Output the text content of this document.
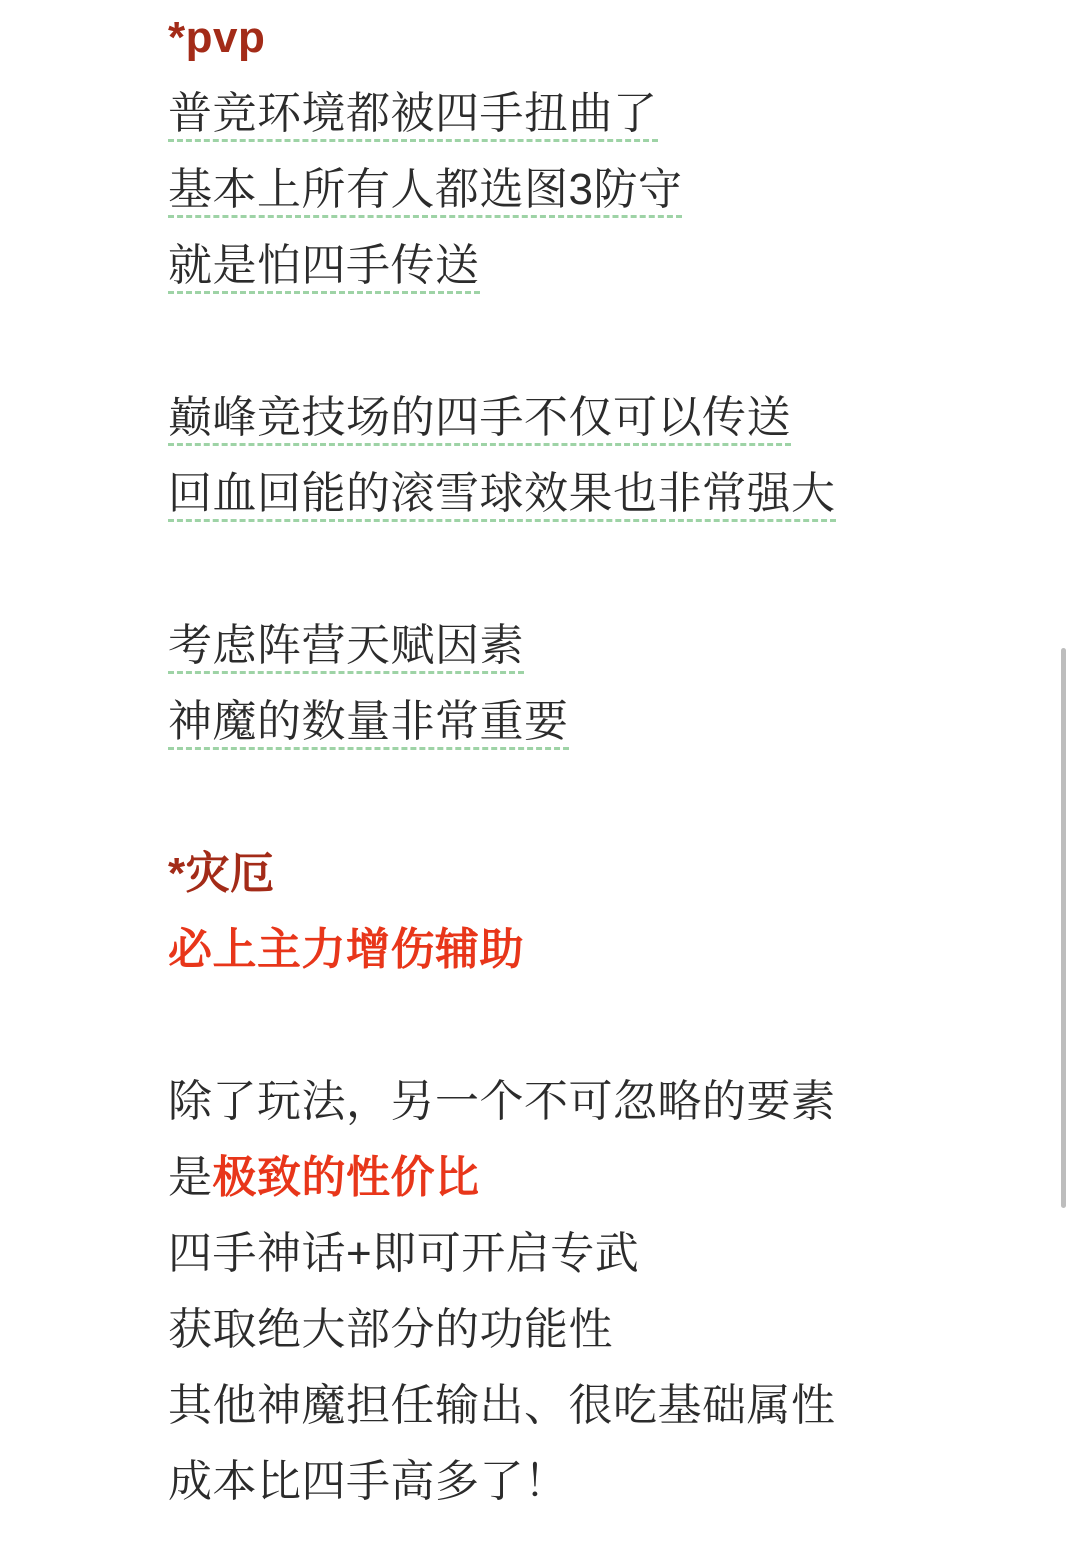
*pvp
普竞环境都被四手扭曲了
基本上所有人都选图3防守
就是怕四手传送
巅峰竞技场的四手不仅可以传送
回血回能的滚雪球效果也非常强大
考虑阵营天赋因素
神魔的数量非常重要
*灾厄
必上主力增伤辅助
除了玩法，另一个不可忽略的要素
是极致的性价比
四手神话+即可开启专武
获取绝大部分的功能性
其他神魔担任输出、很吃基础属性
成本比四手高多了！
